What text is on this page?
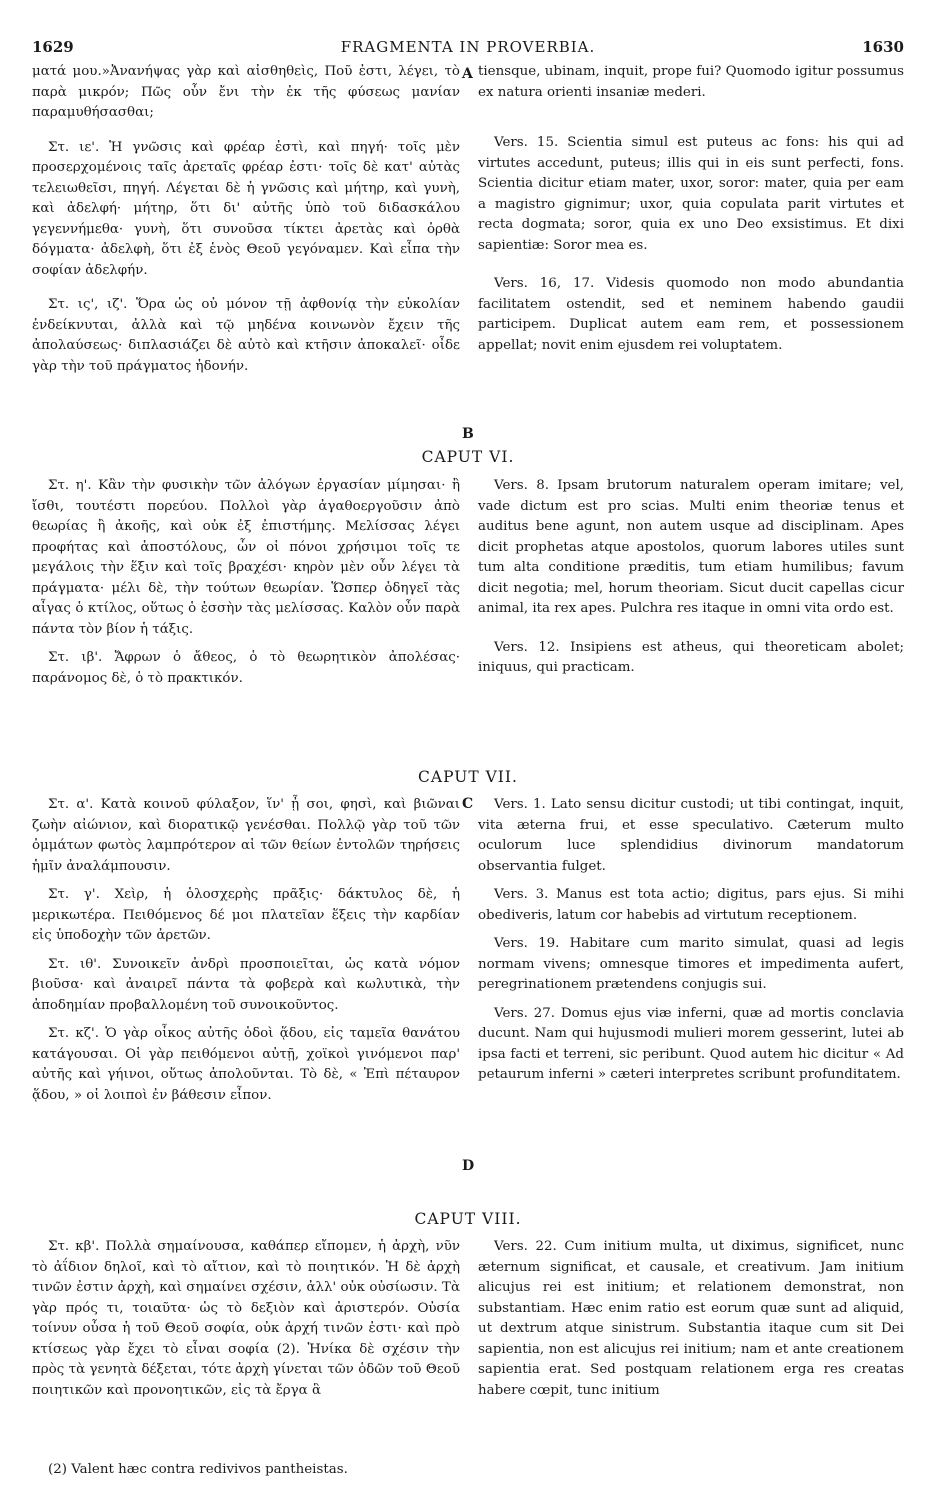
1629	FRAGMENTA IN PROVERBIA.	1630

ματά μου.»Ἀνανήψας γὰρ καὶ αἰσθηθεὶς, Ποῦ ἐστι, λέγει, τὸ παρὰ μικρόν; Πῶς οὖν ἔνι τὴν ἐκ τῆς φύσεως μανίαν παραμυθήσασθαι;

Στ. ιε'. Ἡ γνῶσις καὶ φρέαρ ἐστὶ, καὶ πηγή· τοῖς μὲν προσερχομένοις ταῖς ἀρεταῖς φρέαρ ἐστι· τοῖς δὲ κατ' αὐτὰς τελειωθεῖσι, πηγή. Λέγεται δὲ ἡ γνῶσις καὶ μήτηρ, καὶ γυνὴ, καὶ ἀδελφή· μήτηρ, ὅτι δι' αὐτῆς ὑπὸ τοῦ διδασκάλου γεγεννήμεθα· γυνὴ, ὅτι συνοῦσα τίκτει ἀρετὰς καὶ ὀρθὰ δόγματα· ἀδελφὴ, ὅτι ἐξ ἑνὸς Θεοῦ γεγόναμεν. Καὶ εἶπα τὴν σοφίαν ἀδελφήν.

Στ. ις', ιζ'. Ὅρα ὡς οὐ μόνον τῇ ἀφθονίᾳ τὴν εὐκολίαν ἐνδείκνυται, ἀλλὰ καὶ τῷ μηδένα κοινωνὸν ἔχειν τῆς ἀπολαύσεως· διπλασιάζει δὲ αὐτὸ καὶ κτῆσιν ἀποκαλεῖ· οἶδε γὰρ τὴν τοῦ πράγματος ἡδονήν.

tiensque, ubinam, inquit, prope fui? Quomodo igitur possumus ex natura orienti insaniæ mederi.

Vers. 15. Scientia simul est puteus ac fons: his qui ad virtutes accedunt, puteus; illis qui in eis sunt perfecti, fons. Scientia dicitur etiam mater, uxor, soror: mater, quia per eam a magistro gignimur; uxor, quia copulata parit virtutes et recta dogmata; soror, quia ex uno Deo exsistimus. Et dixi sapientiæ: Soror mea es.

Vers. 16, 17. Videsis quomodo non modo abundantia facilitatem ostendit, sed et neminem habendo gaudii participem. Duplicat autem eam rem, et possessionem appellat; novit enim ejusdem rei voluptatem.

A
B
CAPUT VI.

Στ. η'. Κἂν τὴν φυσικὴν τῶν ἀλόγων ἐργασίαν μίμησαι· ἢ ἴσθι, τουτέστι πορεύου. Πολλοὶ γὰρ ἀγαθοεργοῦσιν ἀπὸ θεωρίας ἢ ἀκοῆς, καὶ οὐκ ἐξ ἐπιστήμης. Μελίσσας λέγει προφήτας καὶ ἀποστόλους, ὧν οἱ πόνοι χρήσιμοι τοῖς τε μεγάλοις τὴν ἕξιν καὶ τοῖς βραχέσι· κηρὸν μὲν οὖν λέγει τὰ πράγματα· μέλι δὲ, τὴν τούτων θεωρίαν. Ὥσπερ ὁδηγεῖ τὰς αἶγας ὁ κτίλος, οὕτως ὁ ἐσσὴν τὰς μελίσσας. Καλὸν οὖν παρὰ πάντα τὸν βίον ἡ τάξις.

Στ. ιβ'. Ἄφρων ὁ ἄθεος, ὁ τὸ θεωρητικὸν ἀπολέσας· παράνομος δὲ, ὁ τὸ πρακτικόν.

Vers. 8. Ipsam brutorum naturalem operam imitare; vel, vade dictum est pro scias. Multi enim theoriæ tenus et auditus bene agunt, non autem usque ad disciplinam. Apes dicit prophetas atque apostolos, quorum labores utiles sunt tum alta conditione præditis, tum etiam humilibus; favum dicit negotia; mel, horum theoriam. Sicut ducit capellas cicur animal, ita rex apes. Pulchra res itaque in omni vita ordo est.

Vers. 12. Insipiens est atheus, qui theoreticam abolet; iniquus, qui practicam.

CAPUT VII.

Στ. α'. Κατὰ κοινοῦ φύλαξον, ἵν' ᾖ σοι, φησὶ, καὶ βιῶναι ζωὴν αἰώνιον, καὶ διορατικῷ γενέσθαι. Πολλῷ γὰρ τοῦ τῶν ὀμμάτων φωτὸς λαμπρότερον αἱ τῶν θείων ἐντολῶν τηρήσεις ἡμῖν ἀναλάμπουσιν.

Στ. γ'. Χεὶρ, ἡ ὁλοσχερὴς πρᾶξις· δάκτυλος δὲ, ἡ μερικωτέρα. Πειθόμενος δέ μοι πλατεῖαν ἕξεις τὴν καρδίαν εἰς ὑποδοχὴν τῶν ἀρετῶν.

Στ. ιθ'. Συνοικεῖν ἀνδρὶ προσποιεῖται, ὡς κατὰ νόμον βιοῦσα· καὶ ἀναιρεῖ πάντα τὰ φοβερὰ καὶ κωλυτικὰ, τὴν ἀποδημίαν προβαλλομένη τοῦ συνοικοῦντος.

Στ. κζ'. Ὁ γὰρ οἶκος αὐτῆς ὁδοὶ ᾅδου, εἰς ταμεῖα θανάτου κατάγουσαι. Οἱ γὰρ πειθόμενοι αὐτῇ, χοϊκοὶ γινόμενοι παρ' αὐτῆς καὶ γήινοι, οὕτως ἀπολοῦνται. Τὸ δὲ, « Ἐπὶ πέταυρον ᾅδου, » οἱ λοιποὶ ἐν βάθεσιν εἶπον.

Vers. 1. Lato sensu dicitur custodi; ut tibi contingat, inquit, vita æterna frui, et esse speculativo. Cæterum multo oculorum luce splendidius divinorum mandatorum observantia fulget.

Vers. 3. Manus est tota actio; digitus, pars ejus. Si mihi obediveris, latum cor habebis ad virtutum receptionem.

Vers. 19. Habitare cum marito simulat, quasi ad legis normam vivens; omnesque timores et impedimenta aufert, peregrinationem prætendens conjugis sui.

Vers. 27. Domus ejus viæ inferni, quæ ad mortis conclavia ducunt. Nam qui hujusmodi mulieri morem gesserint, lutei ab ipsa facti et terreni, sic peribunt. Quod autem hic dicitur « Ad petaurum inferni » cæteri interpretes scribunt profunditatem.

C
D
CAPUT VIII.

Στ. κβ'. Πολλὰ σημαίνουσα, καθάπερ εἴπομεν, ἡ ἀρχὴ, νῦν τὸ ἀΐδιον δηλοῖ, καὶ τὸ αἴτιον, καὶ τὸ ποιητικόν. Ἡ δὲ ἀρχὴ τινῶν ἐστιν ἀρχὴ, καὶ σημαίνει σχέσιν, ἀλλ' οὐκ οὐσίωσιν. Τὰ γὰρ πρός τι, τοιαῦτα· ὡς τὸ δεξιὸν καὶ ἀριστερόν. Οὐσία τοίνυν οὖσα ἡ τοῦ Θεοῦ σοφία, οὐκ ἀρχή τινῶν ἐστι· καὶ πρὸ κτίσεως γὰρ ἔχει τὸ εἶναι σοφία (2). Ἡνίκα δὲ σχέσιν τὴν πρὸς τὰ γενητὰ δέξεται, τότε ἀρχὴ γίνεται τῶν ὁδῶν τοῦ Θεοῦ ποιητικῶν καὶ προνοητικῶν, εἰς τὰ ἔργα ἃ

Vers. 22. Cum initium multa, ut diximus, significet, nunc æternum significat, et causale, et creativum. Jam initium alicujus rei est initium; et relationem demonstrat, non substantiam. Hæc enim ratio est eorum quæ sunt ad aliquid, ut dextrum atque sinistrum. Substantia itaque cum sit Dei sapientia, non est alicujus rei initium; nam et ante creationem sapientia erat. Sed postquam relationem erga res creatas habere cœpit, tunc initium

(2) Valent hæc contra redivivos pantheistas.
